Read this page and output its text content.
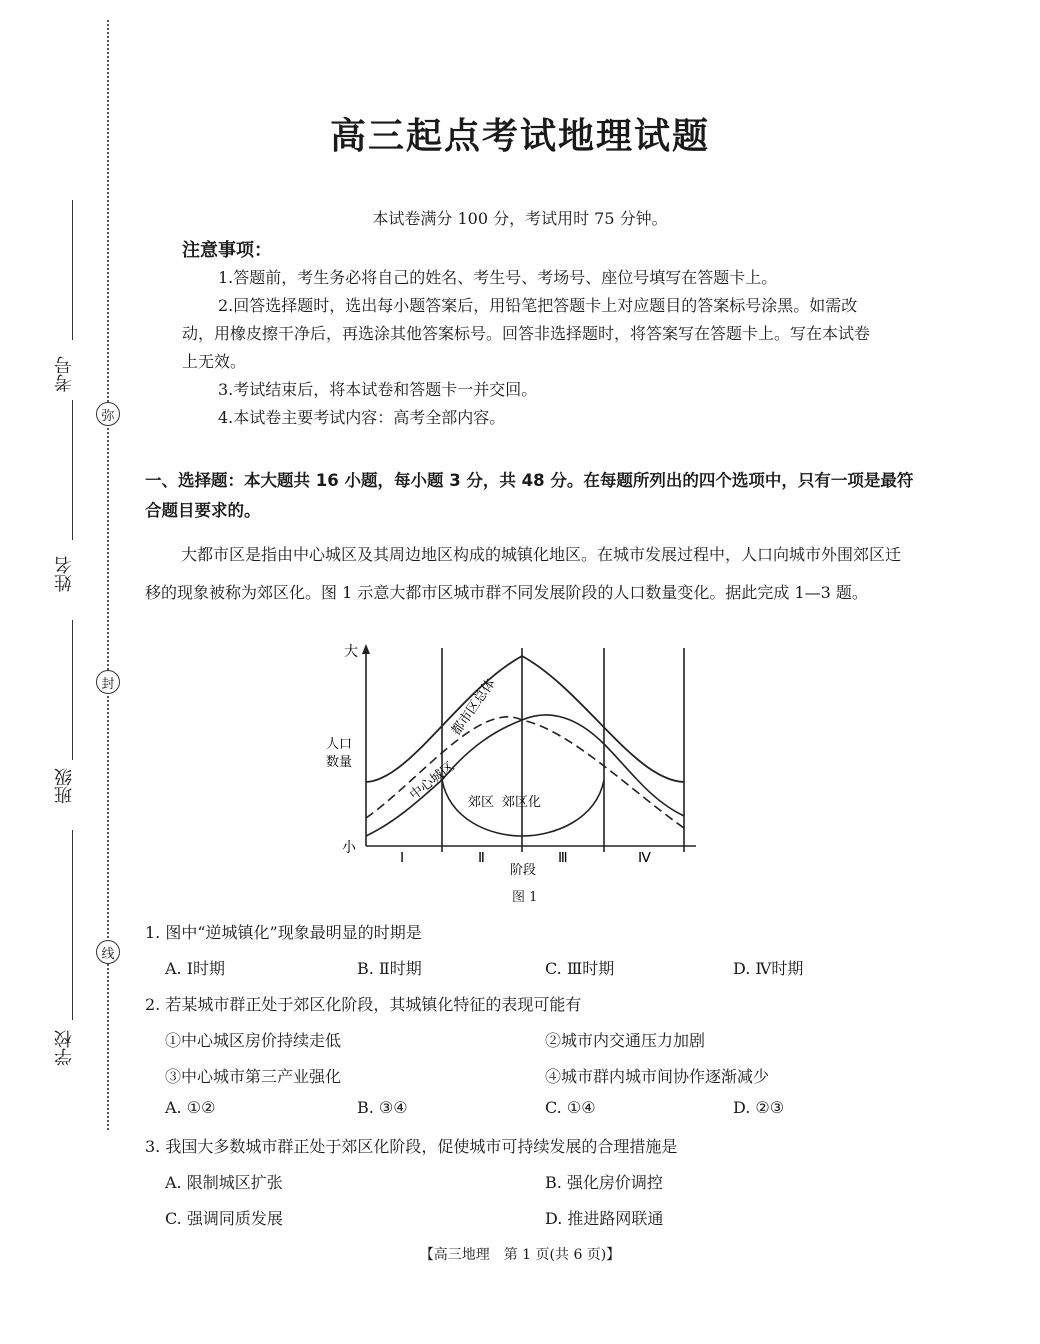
弥
封
线
考号
姓名
班级
学校
高三起点考试地理试题
本试卷满分 100 分，考试用时 75 分钟。
注意事项：
1.答题前，考生务必将自己的姓名、考生号、考场号、座位号填写在答题卡上。
2.回答选择题时，选出每小题答案后，用铅笔把答题卡上对应题目的答案标号涂黑。如需改动，用橡皮擦干净后，再选涂其他答案标号。回答非选择题时，将答案写在答题卡上。写在本试卷上无效。
3.考试结束后，将本试卷和答题卡一并交回。
4.本试卷主要考试内容：高考全部内容。
一、选择题：本大题共 16 小题，每小题 3 分，共 48 分。在每题所列出的四个选项中，只有一项是最符合题目要求的。
大都市区是指由中心城区及其周边地区构成的城镇化地区。在城市发展过程中，人口向城市外围郊区迁移的现象被称为郊区化。图 1 示意大都市区城市群不同发展阶段的人口数量变化。据此完成 1—3 题。
大
小
人口
数量
Ⅰ	Ⅱ	Ⅲ	Ⅳ
阶段
都市区总体
中心城区 郊区 郊区化
图 1
1. 图中“逆城镇化”现象最明显的时期是
A. Ⅰ时期	B. Ⅱ时期	C. Ⅲ时期	D. Ⅳ时期
2. 若某城市群正处于郊区化阶段，其城镇化特征的表现可能有
①中心城区房价持续走低	②城市内交通压力加剧
③中心城市第三产业强化	④城市群内城市间协作逐渐减少
A. ①②	B. ③④	C. ①④	D. ②③
3. 我国大多数城市群正处于郊区化阶段，促使城市可持续发展的合理措施是
A. 限制城区扩张	B. 强化房价调控
C. 强调同质发展	D. 推进路网联通
【高三地理　第 1 页(共 6 页)】
